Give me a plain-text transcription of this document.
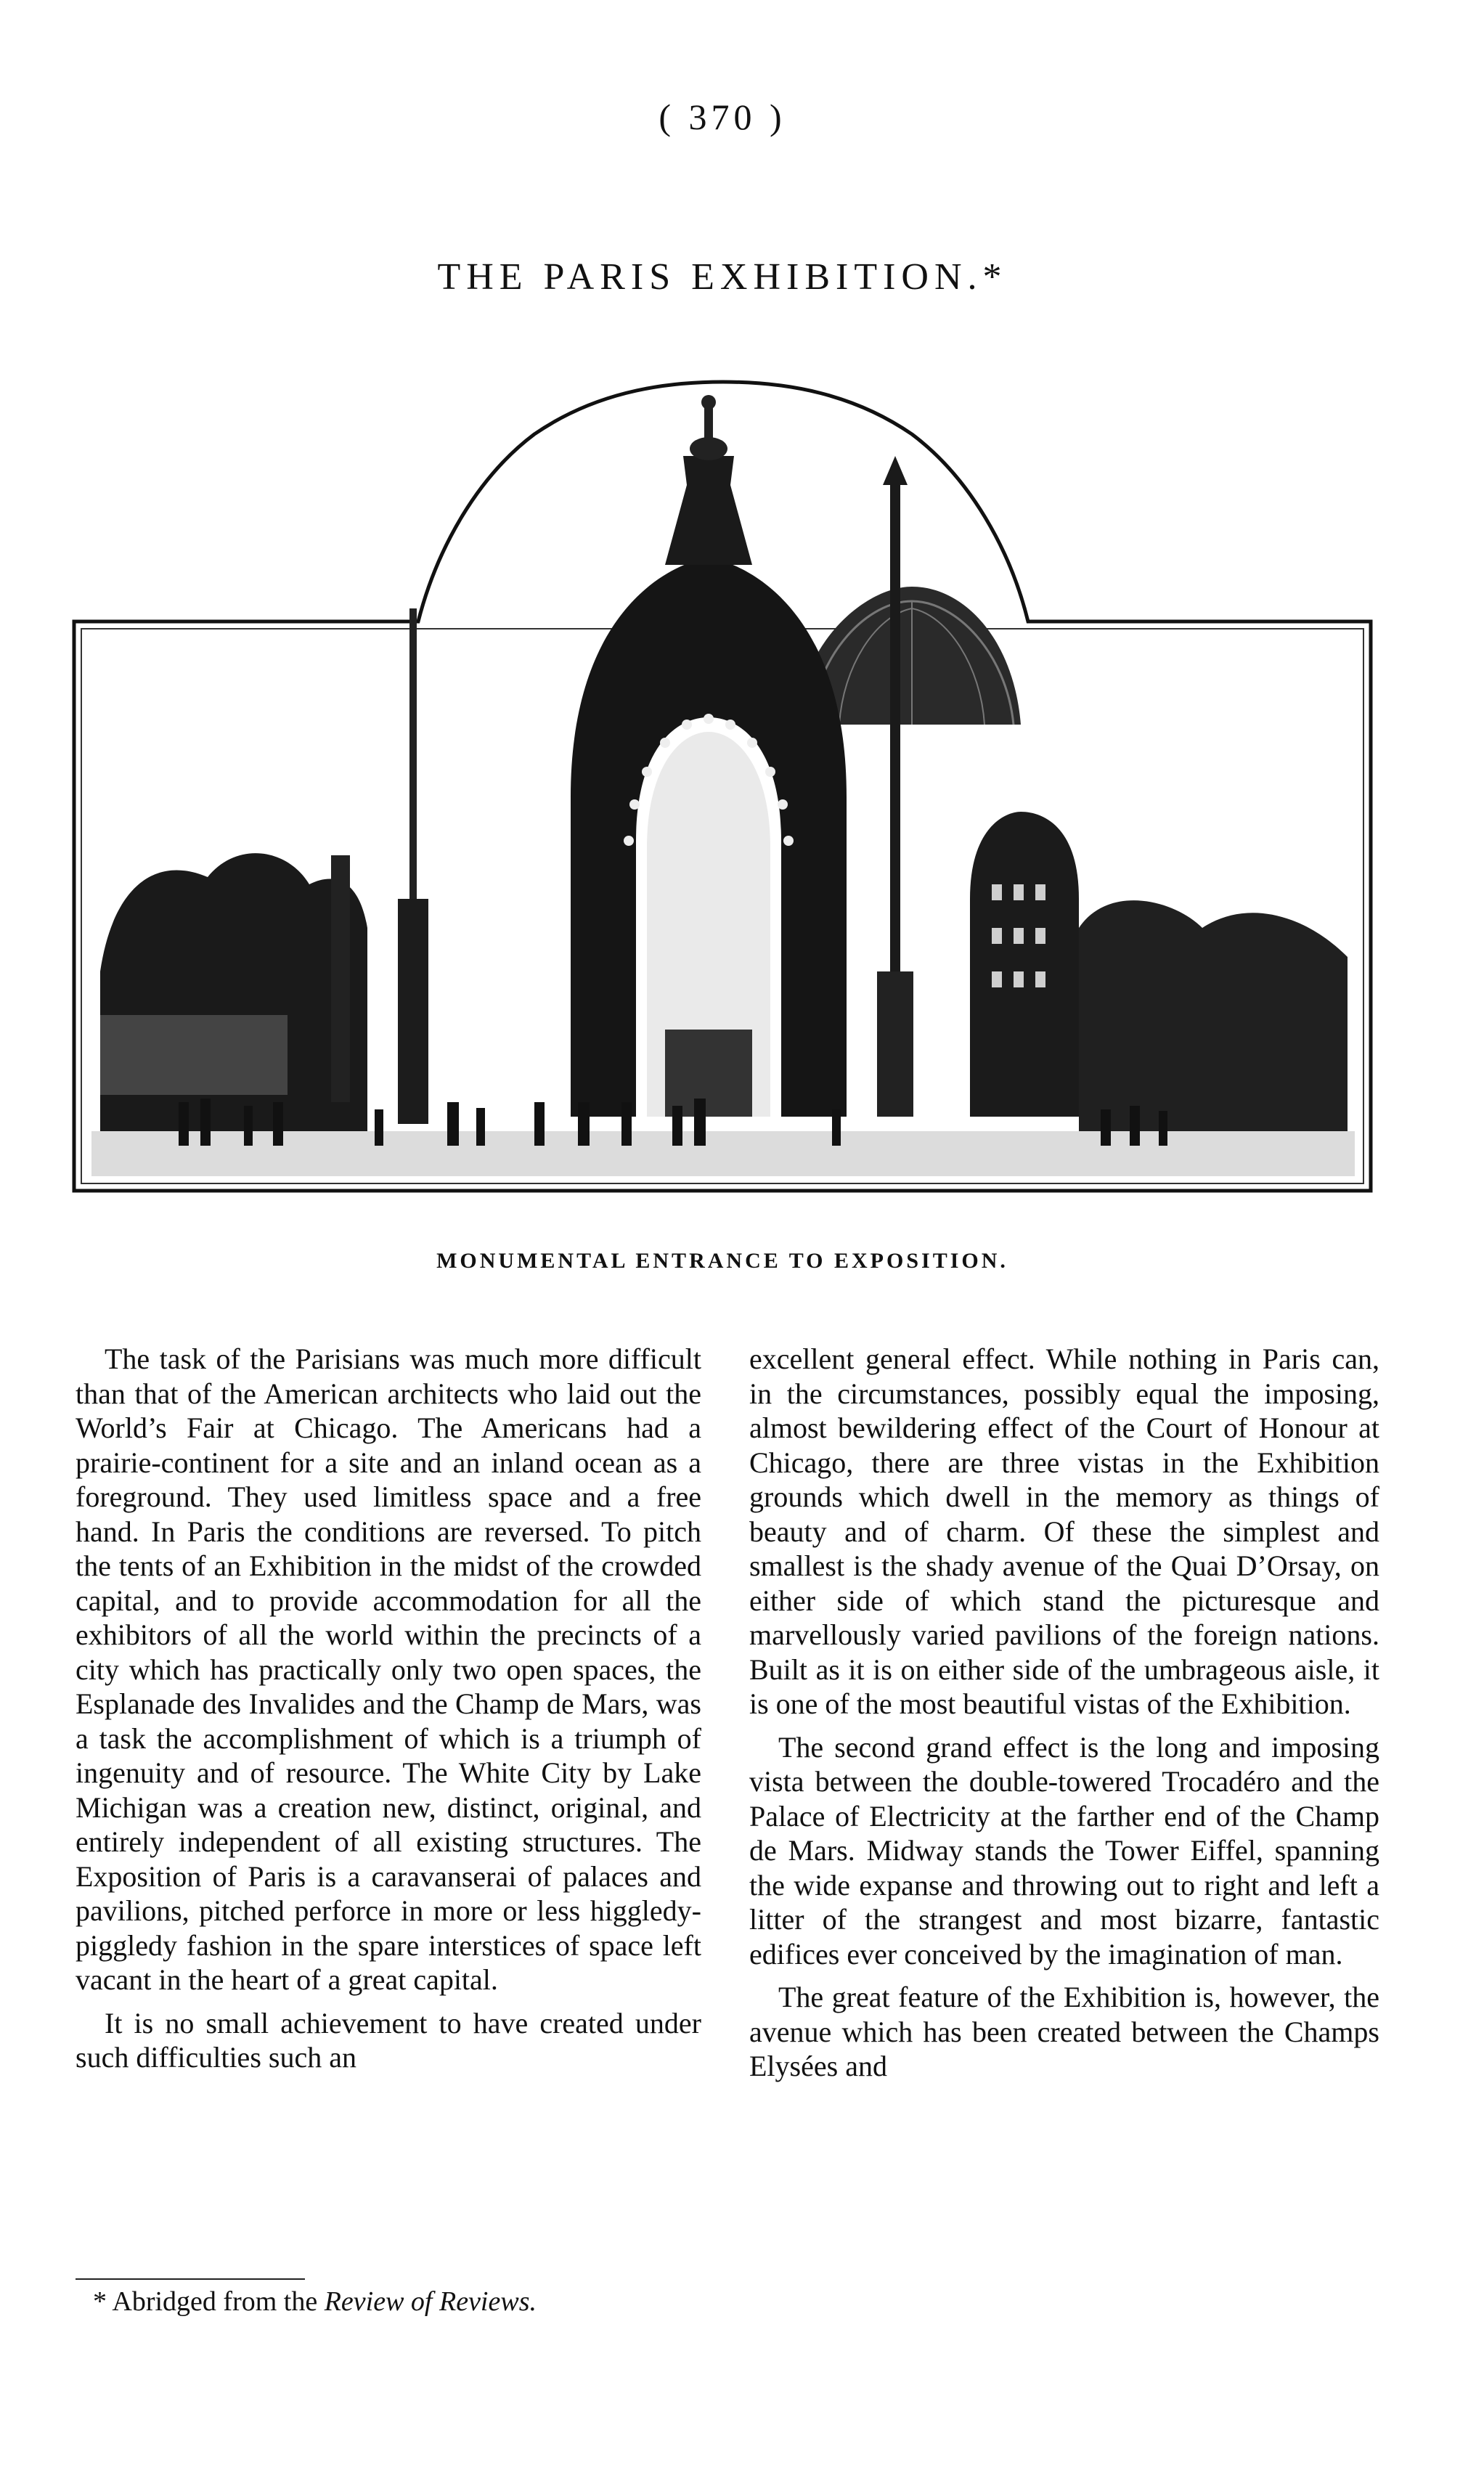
( 370 )
THE PARIS EXHIBITION.*
MONUMENTAL ENTRANCE TO EXPOSITION.

The task of the Parisians was much more difficult than that of the American architects who laid out the World’s Fair at Chicago. The Americans had a prairie-continent for a site and an inland ocean as a foreground. They used limitless space and a free hand. In Paris the conditions are reversed. To pitch the tents of an Exhibition in the midst of the crowded capital, and to provide accommodation for all the exhibitors of all the world within the precincts of a city which has practically only two open spaces, the Esplanade des Invalides and the Champ de Mars, was a task the accomplishment of which is a triumph of ingenuity and of resource. The White City by Lake Michigan was a creation new, distinct, original, and entirely independent of all existing structures. The Exposition of Paris is a caravanserai of palaces and pavilions, pitched perforce in more or less higgledy-piggledy fashion in the spare interstices of space left vacant in the heart of a great capital.

It is no small achievement to have created under such difficulties such an

excellent general effect. While nothing in Paris can, in the circumstances, possibly equal the imposing, almost bewildering effect of the Court of Honour at Chicago, there are three vistas in the Exhibition grounds which dwell in the memory as things of beauty and of charm. Of these the simplest and smallest is the shady avenue of the Quai D’Orsay, on either side of which stand the picturesque and marvellously varied pavilions of the foreign nations. Built as it is on either side of the umbrageous aisle, it is one of the most beautiful vistas of the Exhibition.

The second grand effect is the long and imposing vista between the double-towered Trocadéro and the Palace of Electricity at the farther end of the Champ de Mars. Midway stands the Tower Eiffel, spanning the wide expanse and throwing out to right and left a litter of the strangest and most bizarre, fantastic edifices ever conceived by the imagination of man.

The great feature of the Exhibition is, however, the avenue which has been created between the Champs Elysées and

* Abridged from the Review of Reviews.
